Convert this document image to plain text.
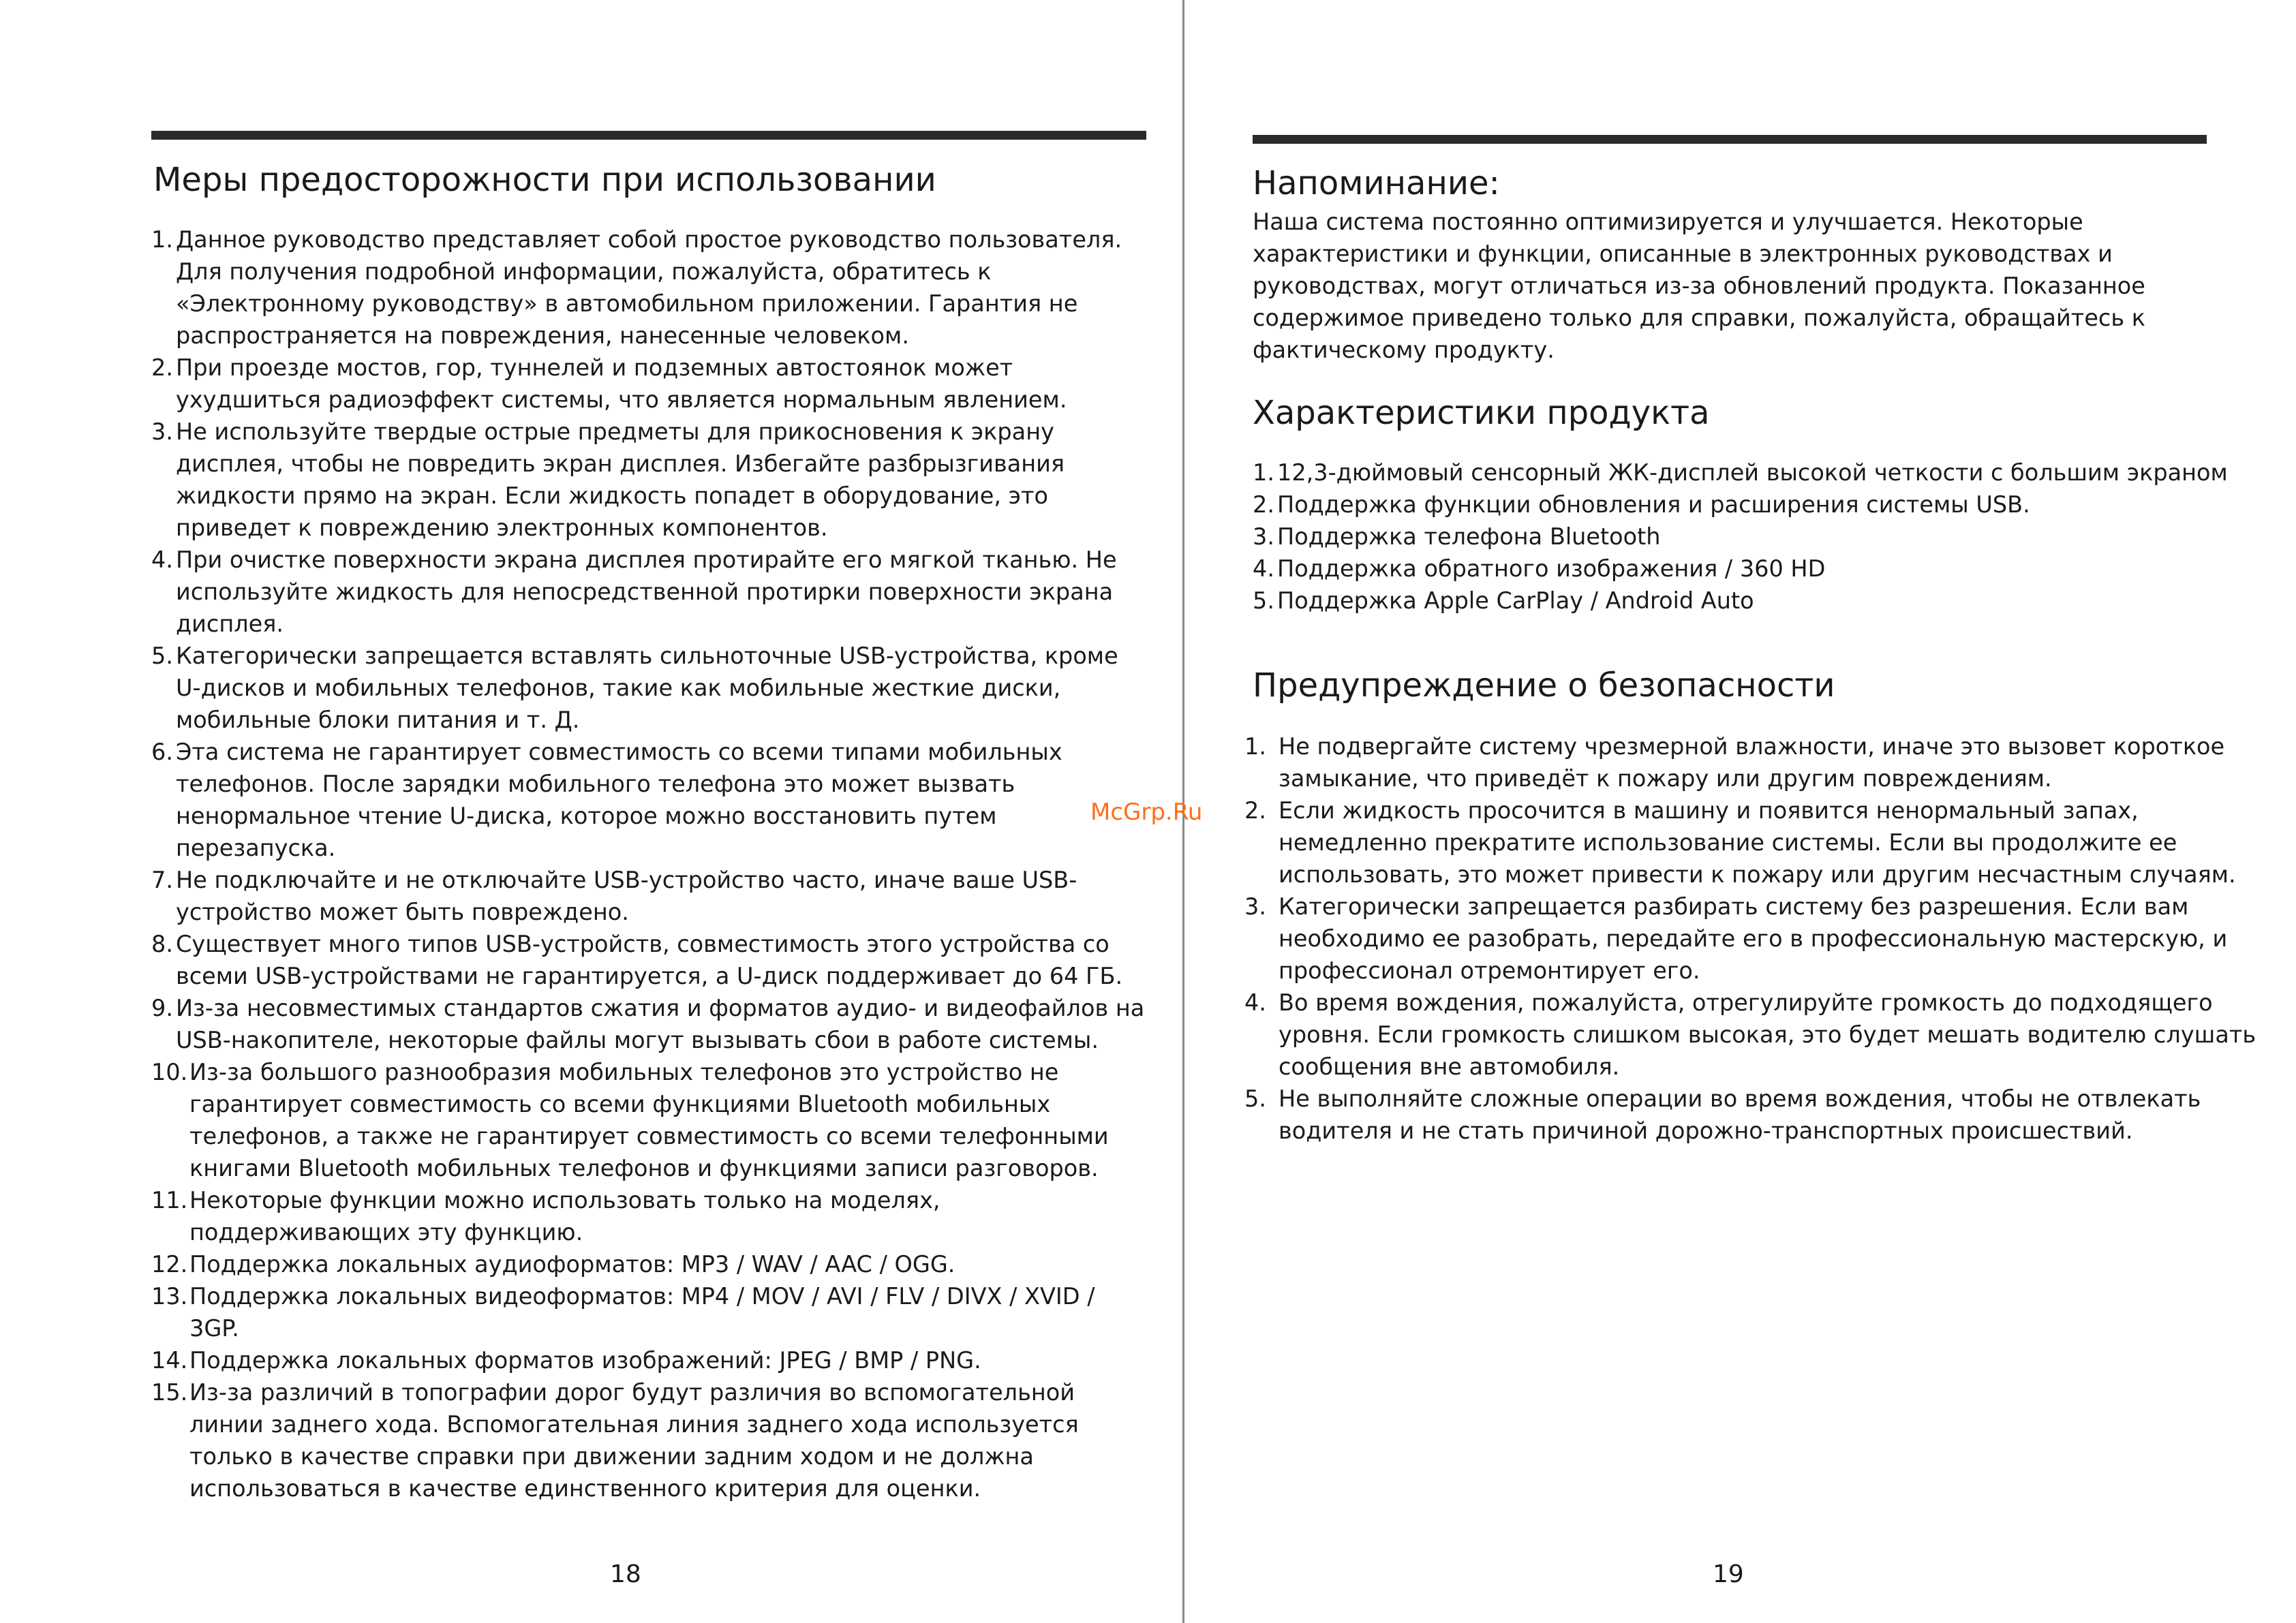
Меры предосторожности при использовании
1. Данное руководство представляет собой простое руководство пользователя. Для получения подробной информации, пожалуйста, обратитесь к «Электронному руководству» в автомобильном приложении. Гарантия не распространяется на повреждения, нанесенные человеком.
2. При проезде мостов, гор, туннелей и подземных автостоянок может ухудшиться радиоэффект системы, что является нормальным явлением.
3. Не используйте твердые острые предметы для прикосновения к экрану дисплея, чтобы не повредить экран дисплея. Избегайте разбрызгивания жидкости прямо на экран. Если жидкость попадет в оборудование, это приведет к повреждению электронных компонентов.
4. При очистке поверхности экрана дисплея протирайте его мягкой тканью. Не используйте жидкость для непосредственной протирки поверхности экрана дисплея.
5. Категорически запрещается вставлять сильноточные USB-устройства, кроме U-дисков и мобильных телефонов, такие как мобильные жесткие диски, мобильные блоки питания и т. Д.
6. Эта система не гарантирует совместимость со всеми типами мобильных телефонов. После зарядки мобильного телефона это может вызвать ненормальное чтение U-диска, которое можно восстановить путем перезапуска.
7. Не подключайте и не отключайте USB-устройство часто, иначе ваше USB-устройство может быть повреждено.
8. Существует много типов USB-устройств, совместимость этого устройства со всеми USB-устройствами не гарантируется, а U-диск поддерживает до 64 ГБ.
9. Из-за несовместимых стандартов сжатия и форматов аудио- и видеофайлов на USB-накопителе, некоторые файлы могут вызывать сбои в работе системы.
10. Из-за большого разнообразия мобильных телефонов это устройство не гарантирует совместимость со всеми функциями Bluetooth мобильных телефонов, а также не гарантирует совместимость со всеми телефонными книгами Bluetooth мобильных телефонов и функциями записи разговоров.
11. Некоторые функции можно использовать только на моделях, поддерживающих эту функцию.
12. Поддержка локальных аудиоформатов: MP3 / WAV / AAC / OGG.
13. Поддержка локальных видеоформатов: MP4 / MOV / AVI / FLV / DIVX / XVID / 3GP.
14. Поддержка локальных форматов изображений: JPEG / BMP / PNG.
15. Из-за различий в топографии дорог будут различия во вспомогательной линии заднего хода. Вспомогательная линия заднего хода используется только в качестве справки при движении задним ходом и не должна использоваться в качестве единственного критерия для оценки.
18
Напоминание:

Наша система постоянно оптимизируется и улучшается. Некоторые характеристики и функции, описанные в электронных руководствах и руководствах, могут отличаться из-за обновлений продукта. Показанное содержимое приведено только для справки, пожалуйста, обращайтесь к фактическому продукту.

Характеристики продукта
1. 12,3-дюймовый сенсорный ЖК-дисплей высокой четкости с большим экраном
2. Поддержка функции обновления и расширения системы USB.
3. Поддержка телефона Bluetooth
4. Поддержка обратного изображения / 360 HD
5. Поддержка Apple CarPlay / Android Auto
Предупреждение о безопасности
1. Не подвергайте систему чрезмерной влажности, иначе это вызовет короткое замыкание, что приведёт к пожару или другим повреждениям.
2. Если жидкость просочится в машину и появится ненормальный запах, немедленно прекратите использование системы. Если вы продолжите ее использовать, это может привести к пожару или другим несчастным случаям.
3. Категорически запрещается разбирать систему без разрешения. Если вам необходимо ее разобрать, передайте его в профессиональную мастерскую, и профессионал отремонтирует его.
4. Во время вождения, пожалуйста, отрегулируйте громкость до подходящего уровня. Если громкость слишком высокая, это будет мешать водителю слушать сообщения вне автомобиля.
5. Не выполняйте сложные операции во время вождения, чтобы не отвлекать водителя и не стать причиной дорожно-транспортных происшествий.
19
McGrp.Ru
